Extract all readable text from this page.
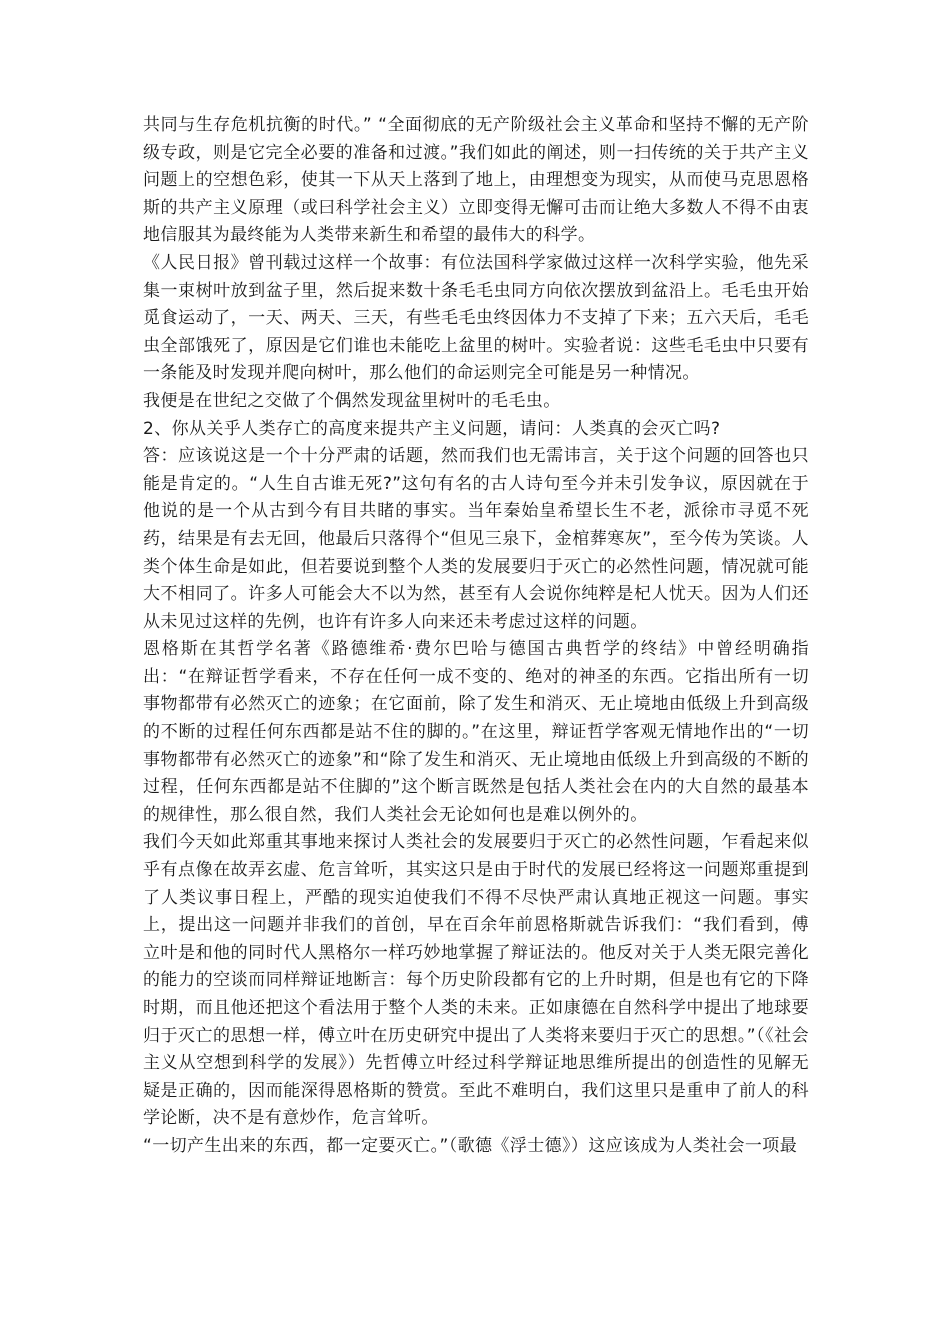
共同与生存危机抗衡的时代。” “全面彻底的无产阶级社会主义革命和坚持不懈的无产阶级专政，则是它完全必要的准备和过渡。”我们如此的阐述，则一扫传统的关于共产主义问题上的空想色彩，使其一下从天上落到了地上，由理想变为现实，从而使马克思恩格斯的共产主义原理（或曰科学社会主义）立即变得无懈可击而让绝大多数人不得不由衷地信服其为最终能为人类带来新生和希望的最伟大的科学。

《人民日报》曾刊载过这样一个故事：有位法国科学家做过这样一次科学实验，他先采集一束树叶放到盆子里，然后捉来数十条毛毛虫同方向依次摆放到盆沿上。毛毛虫开始觅食运动了，一天、两天、三天，有些毛毛虫终因体力不支掉了下来；五六天后，毛毛虫全部饿死了，原因是它们谁也未能吃上盆里的树叶。实验者说：这些毛毛虫中只要有一条能及时发现并爬向树叶，那么他们的命运则完全可能是另一种情况。

我便是在世纪之交做了个偶然发现盆里树叶的毛毛虫。

2、你从关乎人类存亡的高度来提共产主义问题，请问：人类真的会灭亡吗?

答：应该说这是一个十分严肃的话题，然而我们也无需讳言，关于这个问题的回答也只能是肯定的。“人生自古谁无死?”这句有名的古人诗句至今并未引发争议，原因就在于他说的是一个从古到今有目共睹的事实。当年秦始皇希望长生不老，派徐市寻觅不死药，结果是有去无回，他最后只落得个“但见三泉下，金棺葬寒灰”，至今传为笑谈。人类个体生命是如此，但若要说到整个人类的发展要归于灭亡的必然性问题，情况就可能大不相同了。许多人可能会大不以为然，甚至有人会说你纯粹是杞人忧天。因为人们还从未见过这样的先例，也许有许多人向来还未考虑过这样的问题。

恩格斯在其哲学名著《路德维希·费尔巴哈与德国古典哲学的终结》中曾经明确指出：“在辩证哲学看来，不存在任何一成不变的、绝对的神圣的东西。它指出所有一切事物都带有必然灭亡的迹象；在它面前，除了发生和消灭、无止境地由低级上升到高级的不断的过程任何东西都是站不住的脚的。”在这里，辩证哲学客观无情地作出的“一切事物都带有必然灭亡的迹象”和“除了发生和消灭、无止境地由低级上升到高级的不断的过程，任何东西都是站不住脚的”这个断言既然是包括人类社会在内的大自然的最基本的规律性，那么很自然，我们人类社会无论如何也是难以例外的。

我们今天如此郑重其事地来探讨人类社会的发展要归于灭亡的必然性问题，乍看起来似乎有点像在故弄玄虚、危言耸听，其实这只是由于时代的发展已经将这一问题郑重提到了人类议事日程上，严酷的现实迫使我们不得不尽快严肃认真地正视这一问题。事实上，提出这一问题并非我们的首创，早在百余年前恩格斯就告诉我们：“我们看到，傅立叶是和他的同时代人黑格尔一样巧妙地掌握了辩证法的。他反对关于人类无限完善化的能力的空谈而同样辩证地断言：每个历史阶段都有它的上升时期，但是也有它的下降时期，而且他还把这个看法用于整个人类的未来。正如康德在自然科学中提出了地球要归于灭亡的思想一样，傅立叶在历史研究中提出了人类将来要归于灭亡的思想。”（《社会主义从空想到科学的发展》）先哲傅立叶经过科学辩证地思维所提出的创造性的见解无疑是正确的，因而能深得恩格斯的赞赏。至此不难明白，我们这里只是重申了前人的科学论断，决不是有意炒作，危言耸听。

“一切产生出来的东西，都一定要灭亡。”（歌德《浮士德》）这应该成为人类社会一项最
